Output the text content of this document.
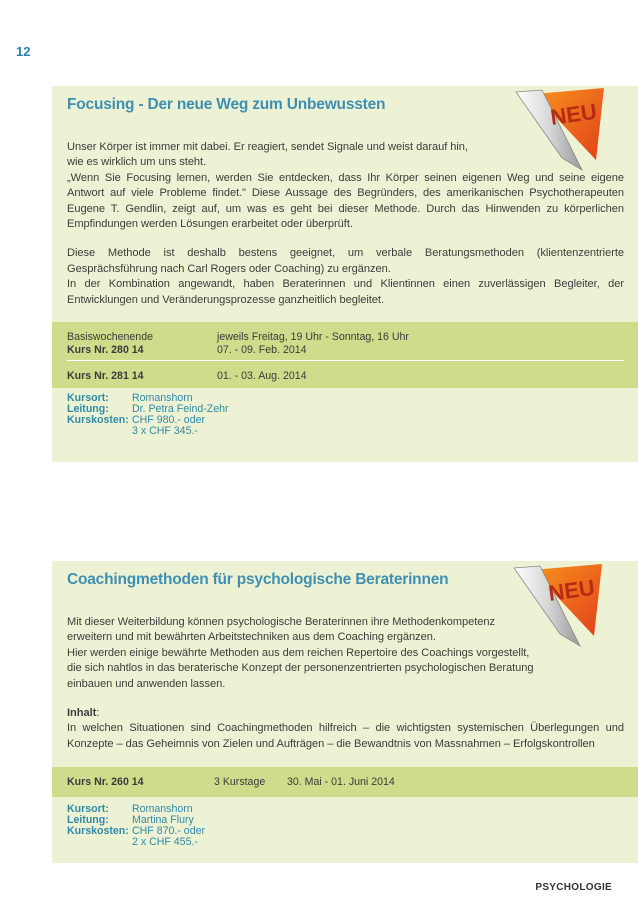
12
Focusing - Der neue Weg zum Unbewussten

Unser Körper ist immer mit dabei. Er reagiert, sendet Signale und weist darauf hin,

wie es wirklich um uns steht.

„Wenn Sie Focusing lernen, werden Sie entdecken, dass Ihr Körper seinen eigenen Weg und seine eigene Antwort auf viele Probleme findet." Diese Aussage des Begründers, des amerikanischen Psychotherapeuten Eugene T. Gendlin, zeigt auf, um was es geht bei dieser Methode. Durch das Hinwenden zu körperlichen Empfindungen werden Lösungen erarbeitet oder überprüft.

Diese Methode ist deshalb bestens geeignet, um verbale Beratungsmethoden (klientenzentrierte Gesprächsführung nach Carl Rogers oder Coaching) zu ergänzen.

In der Kombination angewandt, haben Beraterinnen und Klientinnen einen zuverlässigen Begleiter, der Entwicklungen und Veränderungsprozesse ganzheitlich begleitet.

Basiswochenende	jeweils Freitag, 19 Uhr - Sonntag, 16 Uhr
Kurs Nr. 280 14	07. - 09. Feb. 2014
Kurs Nr. 281 14	01. - 03. Aug. 2014
Kursort: Romanshorn
Leitung: Dr. Petra Feind-Zehr
Kurskosten: CHF 980.- oder
3 x CHF 345.-
NEU
Coachingmethoden für psychologische Beraterinnen

Mit dieser Weiterbildung können psychologische Beraterinnen ihre Methodenkompetenz

erweitern und mit bewährten Arbeitstechniken aus dem Coaching ergänzen.

Hier werden einige bewährte Methoden aus dem reichen Repertoire des Coachings vorgestellt,

die sich nahtlos in das beraterische Konzept der personenzentrierten psychologischen Beratung

einbauen und anwenden lassen.

Inhalt:

In welchen Situationen sind Coachingmethoden hilfreich – die wichtigsten systemischen Überlegungen und Konzepte – das Geheimnis von Zielen und Aufträgen – die Bewandtnis von Massnahmen – Erfolgskontrollen

Kurs Nr. 260 14	3 Kurstage 30. Mai - 01. Juni 2014
Kursort: Romanshorn
Leitung: Martina Flury
Kurskosten: CHF 870.- oder
2 x CHF 455.-
NEU
PSYCHOLOGIE
